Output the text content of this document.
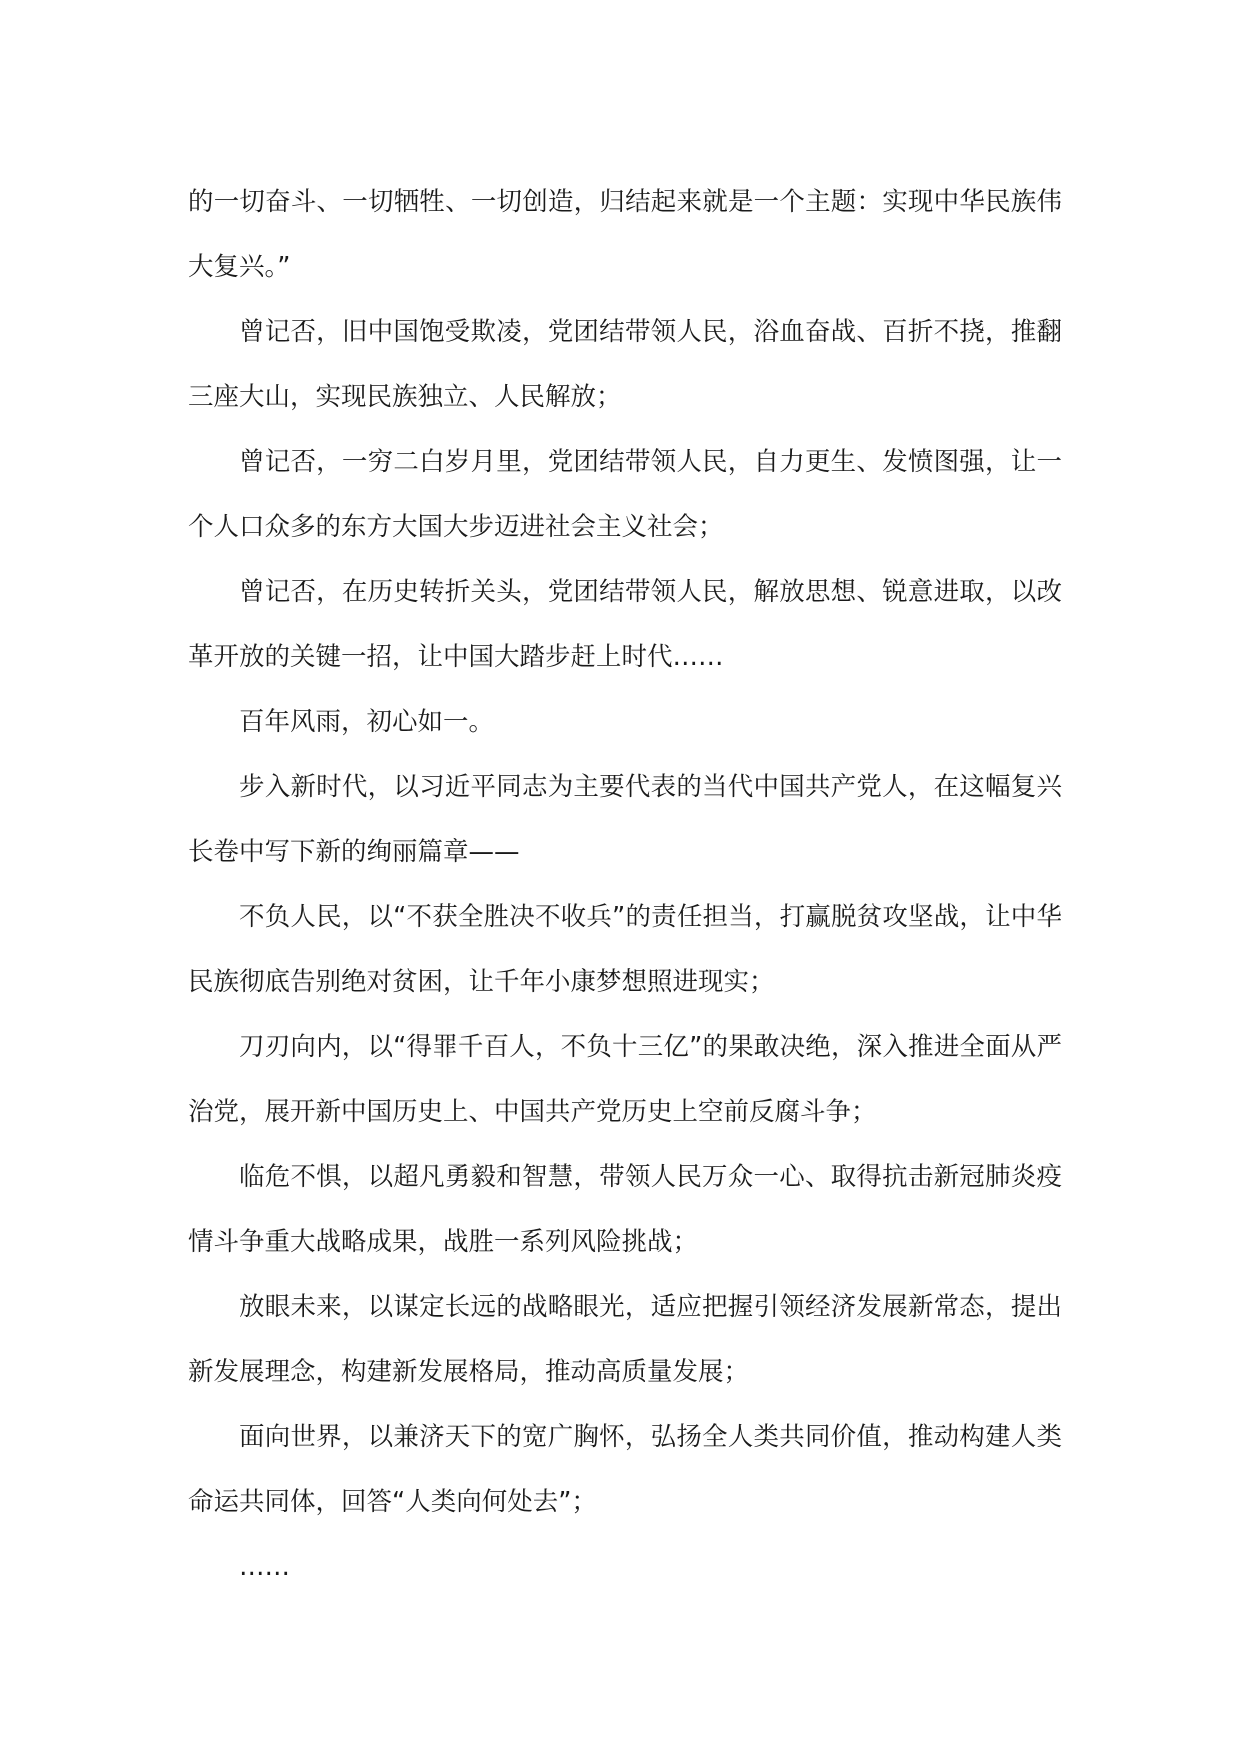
的一切奋斗、一切牺牲、一切创造，归结起来就是一个主题：实现中华民族伟大复兴。”

曾记否，旧中国饱受欺凌，党团结带领人民，浴血奋战、百折不挠，推翻三座大山，实现民族独立、人民解放；

曾记否，一穷二白岁月里，党团结带领人民，自力更生、发愤图强，让一个人口众多的东方大国大步迈进社会主义社会；

曾记否，在历史转折关头，党团结带领人民，解放思想、锐意进取，以改革开放的关键一招，让中国大踏步赶上时代……

百年风雨，初心如一。

步入新时代，以习近平同志为主要代表的当代中国共产党人，在这幅复兴长卷中写下新的绚丽篇章——

不负人民，以“不获全胜决不收兵”的责任担当，打赢脱贫攻坚战，让中华民族彻底告别绝对贫困，让千年小康梦想照进现实；

刀刃向内，以“得罪千百人，不负十三亿”的果敢决绝，深入推进全面从严治党，展开新中国历史上、中国共产党历史上空前反腐斗争；

临危不惧，以超凡勇毅和智慧，带领人民万众一心、取得抗击新冠肺炎疫情斗争重大战略成果，战胜一系列风险挑战；

放眼未来，以谋定长远的战略眼光，适应把握引领经济发展新常态，提出新发展理念，构建新发展格局，推动高质量发展；

面向世界，以兼济天下的宽广胸怀，弘扬全人类共同价值，推动构建人类命运共同体，回答“人类向何处去”；

……
